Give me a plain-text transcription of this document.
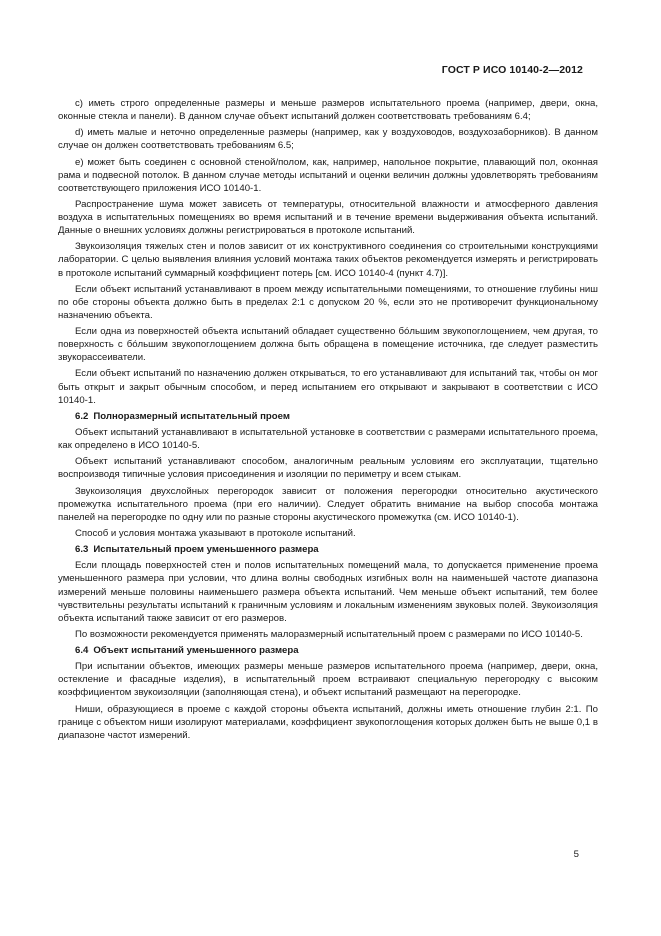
ГОСТ Р ИСО 10140-2—2012

c) иметь строго определенные размеры и меньше размеров испытательного проема (например, двери, окна, оконные стекла и панели). В данном случае объект испытаний должен соответствовать требованиям 6.4;

d) иметь малые и неточно определенные размеры (например, как у воздуховодов, воздухозаборников). В данном случае он должен соответствовать требованиям 6.5;

e) может быть соединен с основной стеной/полом, как, например, напольное покрытие, плавающий пол, оконная рама и подвесной потолок. В данном случае методы испытаний и оценки величин должны удовлетворять требованиям соответствующего приложения ИСО 10140-1.

Распространение шума может зависеть от температуры, относительной влажности и атмосферного давления воздуха в испытательных помещениях во время испытаний и в течение времени выдерживания объекта испытаний. Данные о внешних условиях должны регистрироваться в протоколе испытаний.

Звукоизоляция тяжелых стен и полов зависит от их конструктивного соединения со строительными конструкциями лаборатории. С целью выявления влияния условий монтажа таких объектов рекомендуется измерять и регистрировать в протоколе испытаний суммарный коэффициент потерь [см. ИСО 10140-4 (пункт 4.7)].

Если объект испытаний устанавливают в проем между испытательными помещениями, то отношение глубины ниш по обе стороны объекта должно быть в пределах 2:1 с допуском 20 %, если это не противоречит функциональному назначению объекта.

Если одна из поверхностей объекта испытаний обладает существенно бо́льшим звукопоглощением, чем другая, то поверхность с бо́льшим звукопоглощением должна быть обращена в помещение источника, где следует разместить звукорассеиватели.

Если объект испытаний по назначению должен открываться, то его устанавливают для испытаний так, чтобы он мог быть открыт и закрыт обычным способом, и перед испытанием его открывают и закрывают в соответствии с ИСО 10140-1.

6.2 Полноразмерный испытательный проем

Объект испытаний устанавливают в испытательной установке в соответствии с размерами испытательного проема, как определено в ИСО 10140-5.

Объект испытаний устанавливают способом, аналогичным реальным условиям его эксплуатации, тщательно воспроизводя типичные условия присоединения и изоляции по периметру и всем стыкам.

Звукоизоляция двухслойных перегородок зависит от положения перегородки относительно акустического промежутка испытательного проема (при его наличии). Следует обратить внимание на выбор способа монтажа панелей на перегородке по одну или по разные стороны акустического промежутка (см. ИСО 10140-1).

Способ и условия монтажа указывают в протоколе испытаний.

6.3 Испытательный проем уменьшенного размера

Если площадь поверхностей стен и полов испытательных помещений мала, то допускается применение проема уменьшенного размера при условии, что длина волны свободных изгибных волн на наименьшей частоте диапазона измерений меньше половины наименьшего размера объекта испытаний. Чем меньше объект испытаний, тем более чувствительны результаты испытаний к граничным условиям и локальным изменениям звуковых полей. Звукоизоляция объекта испытаний также зависит от его размеров.

По возможности рекомендуется применять малоразмерный испытательный проем с размерами по ИСО 10140-5.

6.4 Объект испытаний уменьшенного размера

При испытании объектов, имеющих размеры меньше размеров испытательного проема (например, двери, окна, остекление и фасадные изделия), в испытательный проем встраивают специальную перегородку с высоким коэффициентом звукоизоляции (заполняющая стена), и объект испытаний размещают на перегородке.

Ниши, образующиеся в проеме с каждой стороны объекта испытаний, должны иметь отношение глубин 2:1. По границе с объектом ниши изолируют материалами, коэффициент звукопоглощения которых должен быть не выше 0,1 в диапазоне частот измерений.

5
